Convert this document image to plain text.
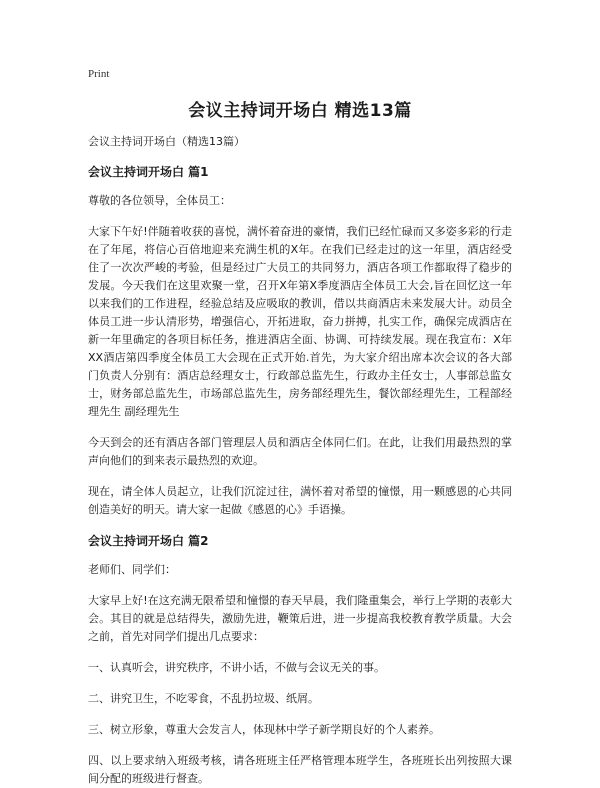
Print
会议主持词开场白 精选13篇

会议主持词开场白（精选13篇）

会议主持词开场白 篇1

尊敬的各位领导，全体员工：

大家下午好!伴随着收获的喜悦，满怀着奋进的豪情，我们已经忙碌而又多姿多彩的行走在了年尾，将信心百倍地迎来充满生机的X年。在我们已经走过的这一年里，酒店经受住了一次次严峻的考验，但是经过广大员工的共同努力，酒店各项工作都取得了稳步的发展。今天我们在这里欢聚一堂，召开X年第X季度酒店全体员工大会,旨在回忆这一年以来我们的工作进程，经验总结及应吸取的教训，借以共商酒店未来发展大计。动员全体员工进一步认清形势，增强信心，开拓进取，奋力拼搏，扎实工作，确保完成酒店在新一年里确定的各项目标任务，推进酒店全面、协调、可持续发展。现在我宣布：X年XX酒店第四季度全体员工大会现在正式开始.首先，为大家介绍出席本次会议的各大部门负责人分别有：酒店总经理女士，行政部总监先生，行政办主任女士，人事部总监女士，财务部总监先生，市场部总监先生，房务部经理先生，餐饮部经理先生，工程部经理先生 副经理先生

今天到会的还有酒店各部门管理层人员和酒店全体同仁们。在此，让我们用最热烈的掌声向他们的到来表示最热烈的欢迎。

现在，请全体人员起立，让我们沉淀过往，满怀着对希望的憧憬，用一颗感恩的心共同创造美好的明天。请大家一起做《感恩的心》手语操。

会议主持词开场白 篇2

老师们、同学们：

大家早上好!在这充满无限希望和憧憬的春天早晨，我们隆重集会，举行上学期的表彰大会。其目的就是总结得失，激励先进，鞭策后进，进一步提高我校教育教学质量。大会之前，首先对同学们提出几点要求：

一、认真听会，讲究秩序，不讲小话，不做与会议无关的事。

二、讲究卫生，不吃零食，不乱扔垃圾、纸屑。

三、树立形象，尊重大会发言人，体现林中学子新学期良好的个人素养。

四、以上要求纳入班级考核，请各班班主任严格管理本班学生，各班班长出列按照大课间分配的班级进行督查。
